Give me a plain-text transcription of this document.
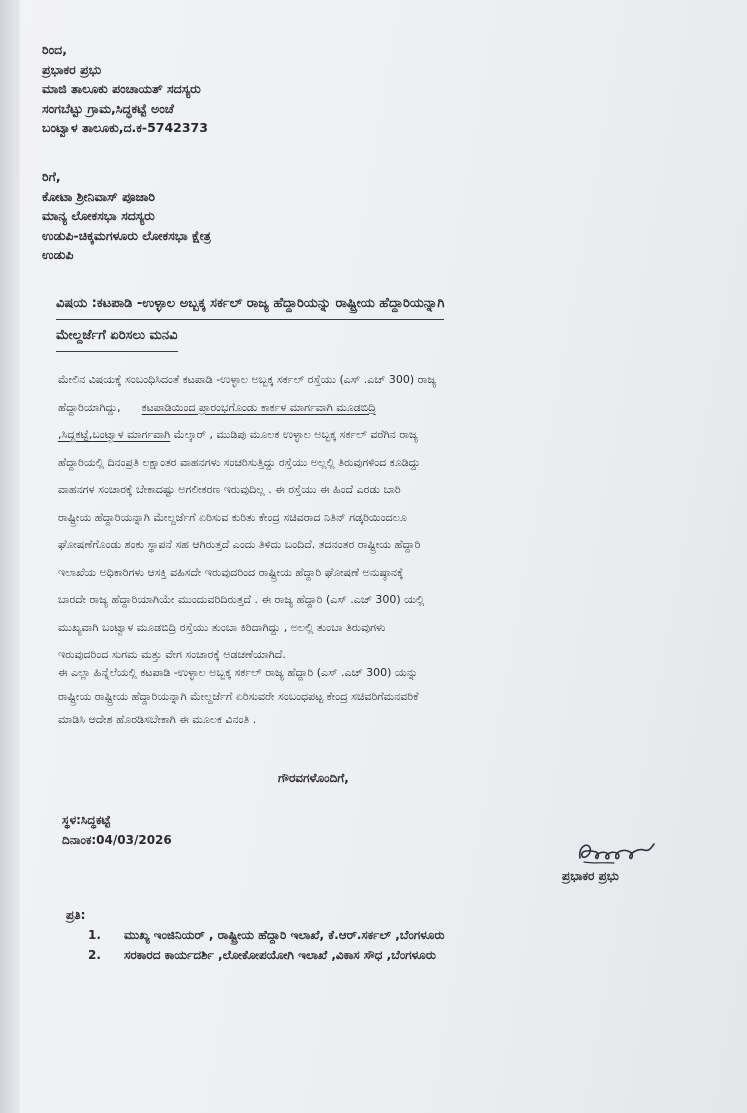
ರಿಂದ,
ಪ್ರಭಾಕರ ಪ್ರಭು
ಮಾಜಿ ತಾಲೂಕು ಪಂಚಾಯತ್ ಸದಸ್ಯರು
ಸಂಗಬೆಟ್ಟು ಗ್ರಾಮ,ಸಿದ್ಧಕಟ್ಟೆ ಅಂಚೆ
ಬಂಟ್ವಾಳ ತಾಲೂಕು,ದ.ಕ-5742373
ರಿಗೆ,
ಕೋಟಾ ಶ್ರೀನಿವಾಸ್ ಪೂಜಾರಿ
ಮಾನ್ಯ ಲೋಕಸಭಾ ಸದಸ್ಯರು
ಉಡುಪಿ-ಚಿಕ್ಕಮಗಳೂರು ಲೋಕಸಭಾ ಕ್ಷೇತ್ರ
ಉಡುಪಿ
ವಿಷಯ :ಕಟಪಾಡಿ -ಉಳ್ಳಾಲ ಅಬ್ಬಕ್ಕ ಸರ್ಕಲ್ ರಾಜ್ಯ ಹೆದ್ದಾರಿಯನ್ನು ರಾಷ್ಟ್ರೀಯ ಹೆದ್ದಾರಿಯನ್ನಾಗಿ
ಮೇಲ್ದರ್ಜೆಗೆ ಏರಿಸಲು ಮನವಿ
ಮೇಲಿನ ವಿಷಯಕ್ಕೆ ಸಂಬಂಧಿಸಿದಂತೆ ಕಟಪಾಡಿ -ಉಳ್ಳಾಲ ಅಬ್ಬಕ್ಕ ಸರ್ಕಲ್ ರಸ್ತೆಯು (ಎಸ್ .ಎಚ್ 300) ರಾಜ್ಯ
ಹೆದ್ದಾರಿಯಾಗಿದ್ದು, ಕಟಪಾಡಿಯಿಂದ ಪ್ರಾರಂಭಗೊಂಡು ಕಾರ್ಕಳ ಮಾರ್ಗವಾಗಿ ಮೂಡಬಿದ್ರಿ
,ಸಿದ್ದಕಟ್ಟೆ,ಬಂಟ್ವಾಳ ಮಾರ್ಗವಾಗಿ ಮೆಲ್ಕಾರ್ , ಮುಡಿಪು ಮೂಲಕ ಉಳ್ಳಾಲ ಅಬ್ಬಕ್ಕ ಸರ್ಕಲ್ ವರೆಗಿನ ರಾಜ್ಯ
ಹೆದ್ದಾರಿಯಲ್ಲಿ ದಿನಂಪ್ರತಿ ಲಕ್ಷಾಂತರ ವಾಹನಗಳು ಸಂಚರಿಸುತ್ತಿದ್ದು ರಸ್ತೆಯು ಅಲ್ಲಲ್ಲಿ ತಿರುವುಗಳಿಂದ ಕೂಡಿದ್ದು
ವಾಹನಗಳ ಸಂಚಾರಕ್ಕೆ ಬೇಕಾದಷ್ಟು ಅಗಲೀಕರಣ ಇರುವುದಿಲ್ಲ . ಈ ರಸ್ತೆಯು ಈ ಹಿಂದೆ ಎರಡು ಬಾರಿ
ರಾಷ್ಟ್ರೀಯ ಹೆದ್ದಾರಿಯನ್ನಾಗಿ ಮೇಲ್ದರ್ಜೆಗೆ ಏರಿಸುವ ಕುರಿತು ಕೇಂದ್ರ ಸಚಿವರಾದ ನಿತಿನ್ ಗಡ್ಕರಿಯಿಂದಲೂ
ಘೋಷಣೆಗೊಂಡು ಶಂಕು ಸ್ಥಾಪನೆ ಸಹ ಆಗಿರುತ್ತದೆ ಎಂದು ತಿಳಿದು ಬಂದಿದೆ. ತದನಂತರ ರಾಷ್ಟ್ರೀಯ ಹೆದ್ದಾರಿ
ಇಲಾಖೆಯ ಅಧಿಕಾರಿಗಳು ಆಸಕ್ತಿ ವಹಿಸದೇ ಇರುವುದರಿಂದ ರಾಷ್ಟ್ರೀಯ ಹೆದ್ದಾರಿ ಘೋಷಣೆ ಅನುಷ್ಠಾನಕ್ಕೆ
ಬಾರದೇ ರಾಜ್ಯ ಹೆದ್ದಾರಿಯಾಗಿಯೇ ಮುಂದುವರಿದಿರುತ್ತದೆ . ಈ ರಾಜ್ಯ ಹೆದ್ದಾರಿ (ಎಸ್ .ಎಚ್ 300) ಯಲ್ಲಿ
ಮುಖ್ಯವಾಗಿ ಬಂಟ್ವಾಳ ಮೂಡಬಿದ್ರಿ ರಸ್ತೆಯು ತುಂಬಾ ಕಿರಿದಾಗಿದ್ದು , ಅಲಲ್ಲಿ ತುಂಬಾ ತಿರುವುಗಳು
ಇರುವುದರಿಂದ ಸುಗಮ ಮತ್ತು ವೇಗ ಸಂಚಾರಕ್ಕೆ ಅಡಚಣೆಯಾಗಿದೆ.
ಈ ಎಲ್ಲಾ ಹಿನ್ನೆಲೆಯಲ್ಲಿ ಕಟಪಾಡಿ -ಉಳ್ಳಾಲ ಅಬ್ಬಕ್ಕ ಸರ್ಕಲ್ ರಾಜ್ಯ ಹೆದ್ದಾರಿ (ಎಸ್ .ಎಚ್ 300) ಯನ್ನು
ರಾಷ್ಟ್ರೀಯ ರಾಷ್ಟ್ರೀಯ ಹೆದ್ದಾರಿಯನ್ನಾಗಿ ಮೇಲ್ದರ್ಜೆಗೆ ಏರಿಸುವರೇ ಸಂಬಂಧಪಟ್ಟ ಕೇಂದ್ರ ಸಚಿವರಿಗೆಮನವರಿಕೆ
ಮಾಡಿಸಿ ಆದೇಶ ಹೊರಡಿಸಬೇಕಾಗಿ ಈ ಮೂಲಕ ವಿನಂತಿ .
ಗೌರವಗಳೊಂದಿಗೆ,
ಸ್ಥಳ:ಸಿದ್ಧಕಟ್ಟೆ
ದಿನಾಂಕ:04/03/2026
ಪ್ರಭಾಕರ ಪ್ರಭು
ಪ್ರತಿ:
1.	ಮುಖ್ಯ ಇಂಜಿನಿಯರ್ , ರಾಷ್ಟ್ರೀಯ ಹೆದ್ದಾರಿ ಇಲಾಖೆ, ಕೆ.ಆರ್.ಸರ್ಕಲ್ ,ಬೆಂಗಳೂರು
2.	ಸರಕಾರದ ಕಾರ್ಯದರ್ಶಿ ,ಲೋಕೋಪಯೋಗಿ ಇಲಾಖೆ ,ವಿಕಾಸ ಸೌಧ ,ಬೆಂಗಳೂರು
